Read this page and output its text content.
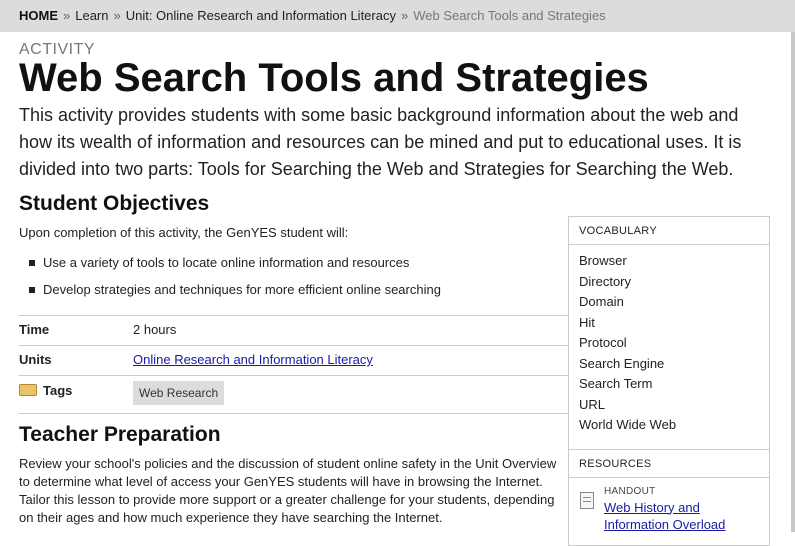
HOME » Learn » Unit: Online Research and Information Literacy » Web Search Tools and Strategies
ACTIVITY
Web Search Tools and Strategies

This activity provides students with some basic background information about the web and how its wealth of information and resources can be mined and put to educational uses. It is divided into two parts: Tools for Searching the Web and Strategies for Searching the Web.

Student Objectives
Upon completion of this activity, the GenYES student will:
Use a variety of tools to locate online information and resources
Develop strategies and techniques for more efficient online searching
Time	2 hours
Units	Online Research and Information Literacy
Tags	Web Research
Teacher Preparation

Review your school's policies and the discussion of student online safety in the Unit Overview to determine what level of access your GenYES students will have in browsing the Internet. Tailor this lesson to provide more support or a greater challenge for your students, depending on their ages and how much experience they have searching the Internet.

VOCABULARY
Browser
Directory
Domain
Hit
Protocol
Search Engine
Search Term
URL
World Wide Web
RESOURCES
HANDOUT
Web History and Information Overload
